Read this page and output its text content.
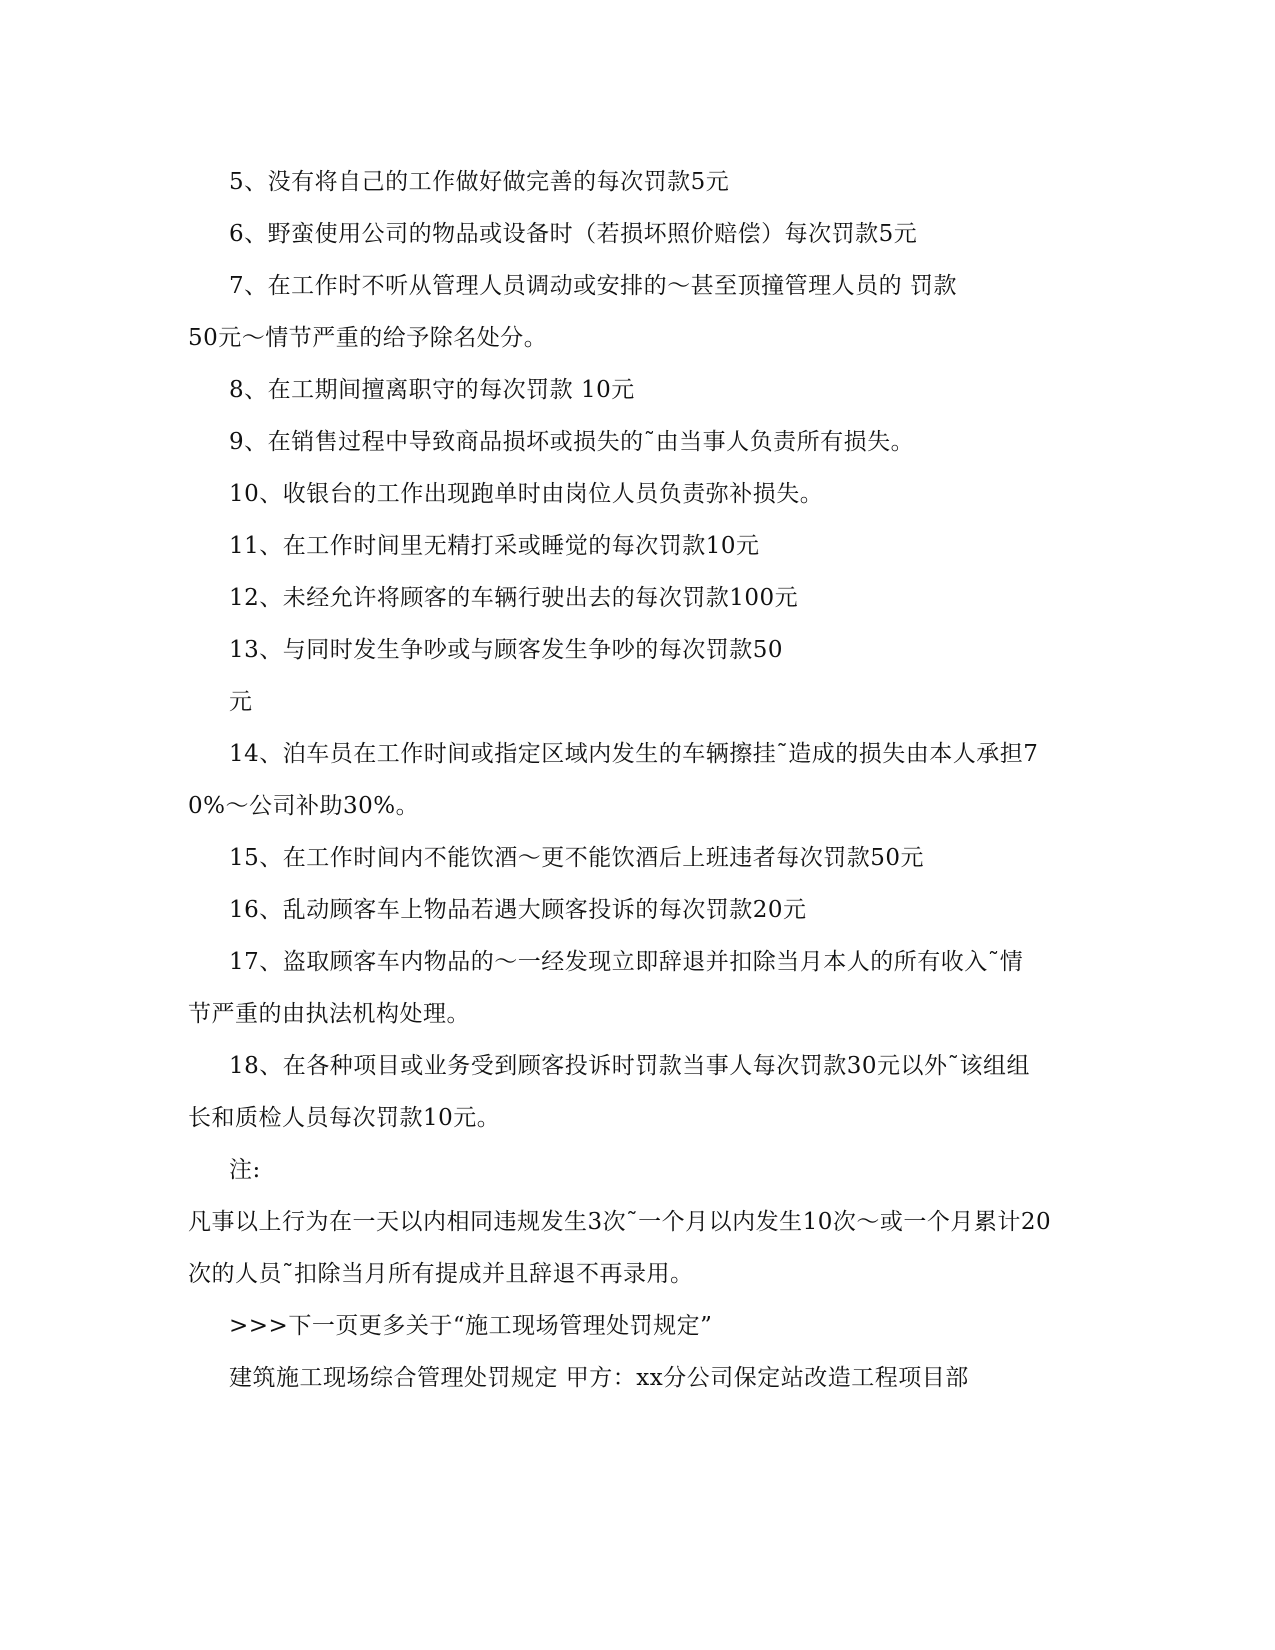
5、没有将自己的工作做好做完善的每次罚款5元
6、野蛮使用公司的物品或设备时（若损坏照价赔偿）每次罚款5元
7、在工作时不听从管理人员调动或安排的～甚至顶撞管理人员的 罚款
50元～情节严重的给予除名处分。
8、在工期间擅离职守的每次罚款 10元
9、在销售过程中导致商品损坏或损失的˜由当事人负责所有损失。
10、收银台的工作出现跑单时由岗位人员负责弥补损失。
11、在工作时间里无精打采或睡觉的每次罚款10元
12、未经允许将顾客的车辆行驶出去的每次罚款100元
13、与同时发生争吵或与顾客发生争吵的每次罚款50
元
14、泊车员在工作时间或指定区域内发生的车辆擦挂˜造成的损失由本人承担7
0%～公司补助30%。
15、在工作时间内不能饮酒～更不能饮酒后上班违者每次罚款50元
16、乱动顾客车上物品若遇大顾客投诉的每次罚款20元
17、盗取顾客车内物品的～一经发现立即辞退并扣除当月本人的所有收入˜情
节严重的由执法机构处理。
18、在各种项目或业务受到顾客投诉时罚款当事人每次罚款30元以外˜该组组
长和质检人员每次罚款10元。
注:
凡事以上行为在一天以内相同违规发生3次˜一个月以内发生10次～或一个月累计20
次的人员˜扣除当月所有提成并且辞退不再录用。
>>>下一页更多关于“施工现场管理处罚规定”
建筑施工现场综合管理处罚规定 甲方：xx分公司保定站改造工程项目部
